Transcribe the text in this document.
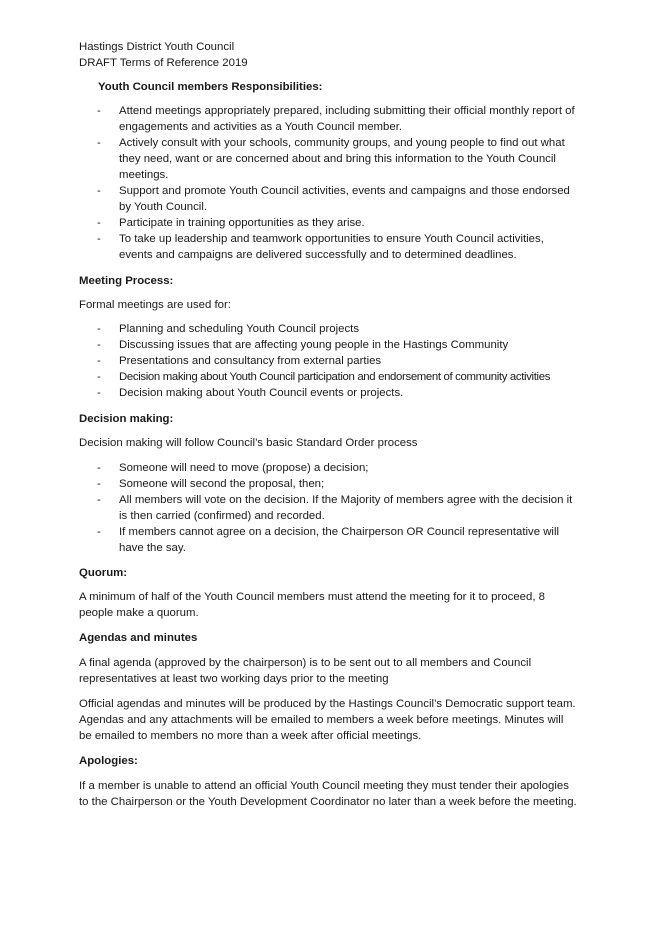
Hastings District Youth Council
DRAFT Terms of Reference 2019
Youth Council members Responsibilities:
- Attend meetings appropriately prepared, including submitting their official monthly report of engagements and activities as a Youth Council member.
- Actively consult with your schools, community groups, and young people to find out what they need, want or are concerned about and bring this information to the Youth Council meetings.
- Support and promote Youth Council activities, events and campaigns and those endorsed by Youth Council.
- Participate in training opportunities as they arise.
- To take up leadership and teamwork opportunities to ensure Youth Council activities, events and campaigns are delivered successfully and to determined deadlines.
Meeting Process:
Formal meetings are used for:
- Planning and scheduling Youth Council projects
- Discussing issues that are affecting young people in the Hastings Community
- Presentations and consultancy from external parties
- Decision making about Youth Council participation and endorsement of community activities
- Decision making about Youth Council events or projects.
Decision making:
Decision making will follow Council’s basic Standard Order process
- Someone will need to move (propose) a decision;
- Someone will second the proposal, then;
- All members will vote on the decision. If the Majority of members agree with the decision it is then carried (confirmed) and recorded.
- If members cannot agree on a decision, the Chairperson OR Council representative will have the say.
Quorum:
A minimum of half of the Youth Council members must attend the meeting for it to proceed, 8 people make a quorum.
Agendas and minutes
A final agenda (approved by the chairperson) is to be sent out to all members and Council representatives at least two working days prior to the meeting
Official agendas and minutes will be produced by the Hastings Council’s Democratic support team. Agendas and any attachments will be emailed to members a week before meetings. Minutes will be emailed to members no more than a week after official meetings.
Apologies:
If a member is unable to attend an official Youth Council meeting they must tender their apologies to the Chairperson or the Youth Development Coordinator no later than a week before the meeting.
